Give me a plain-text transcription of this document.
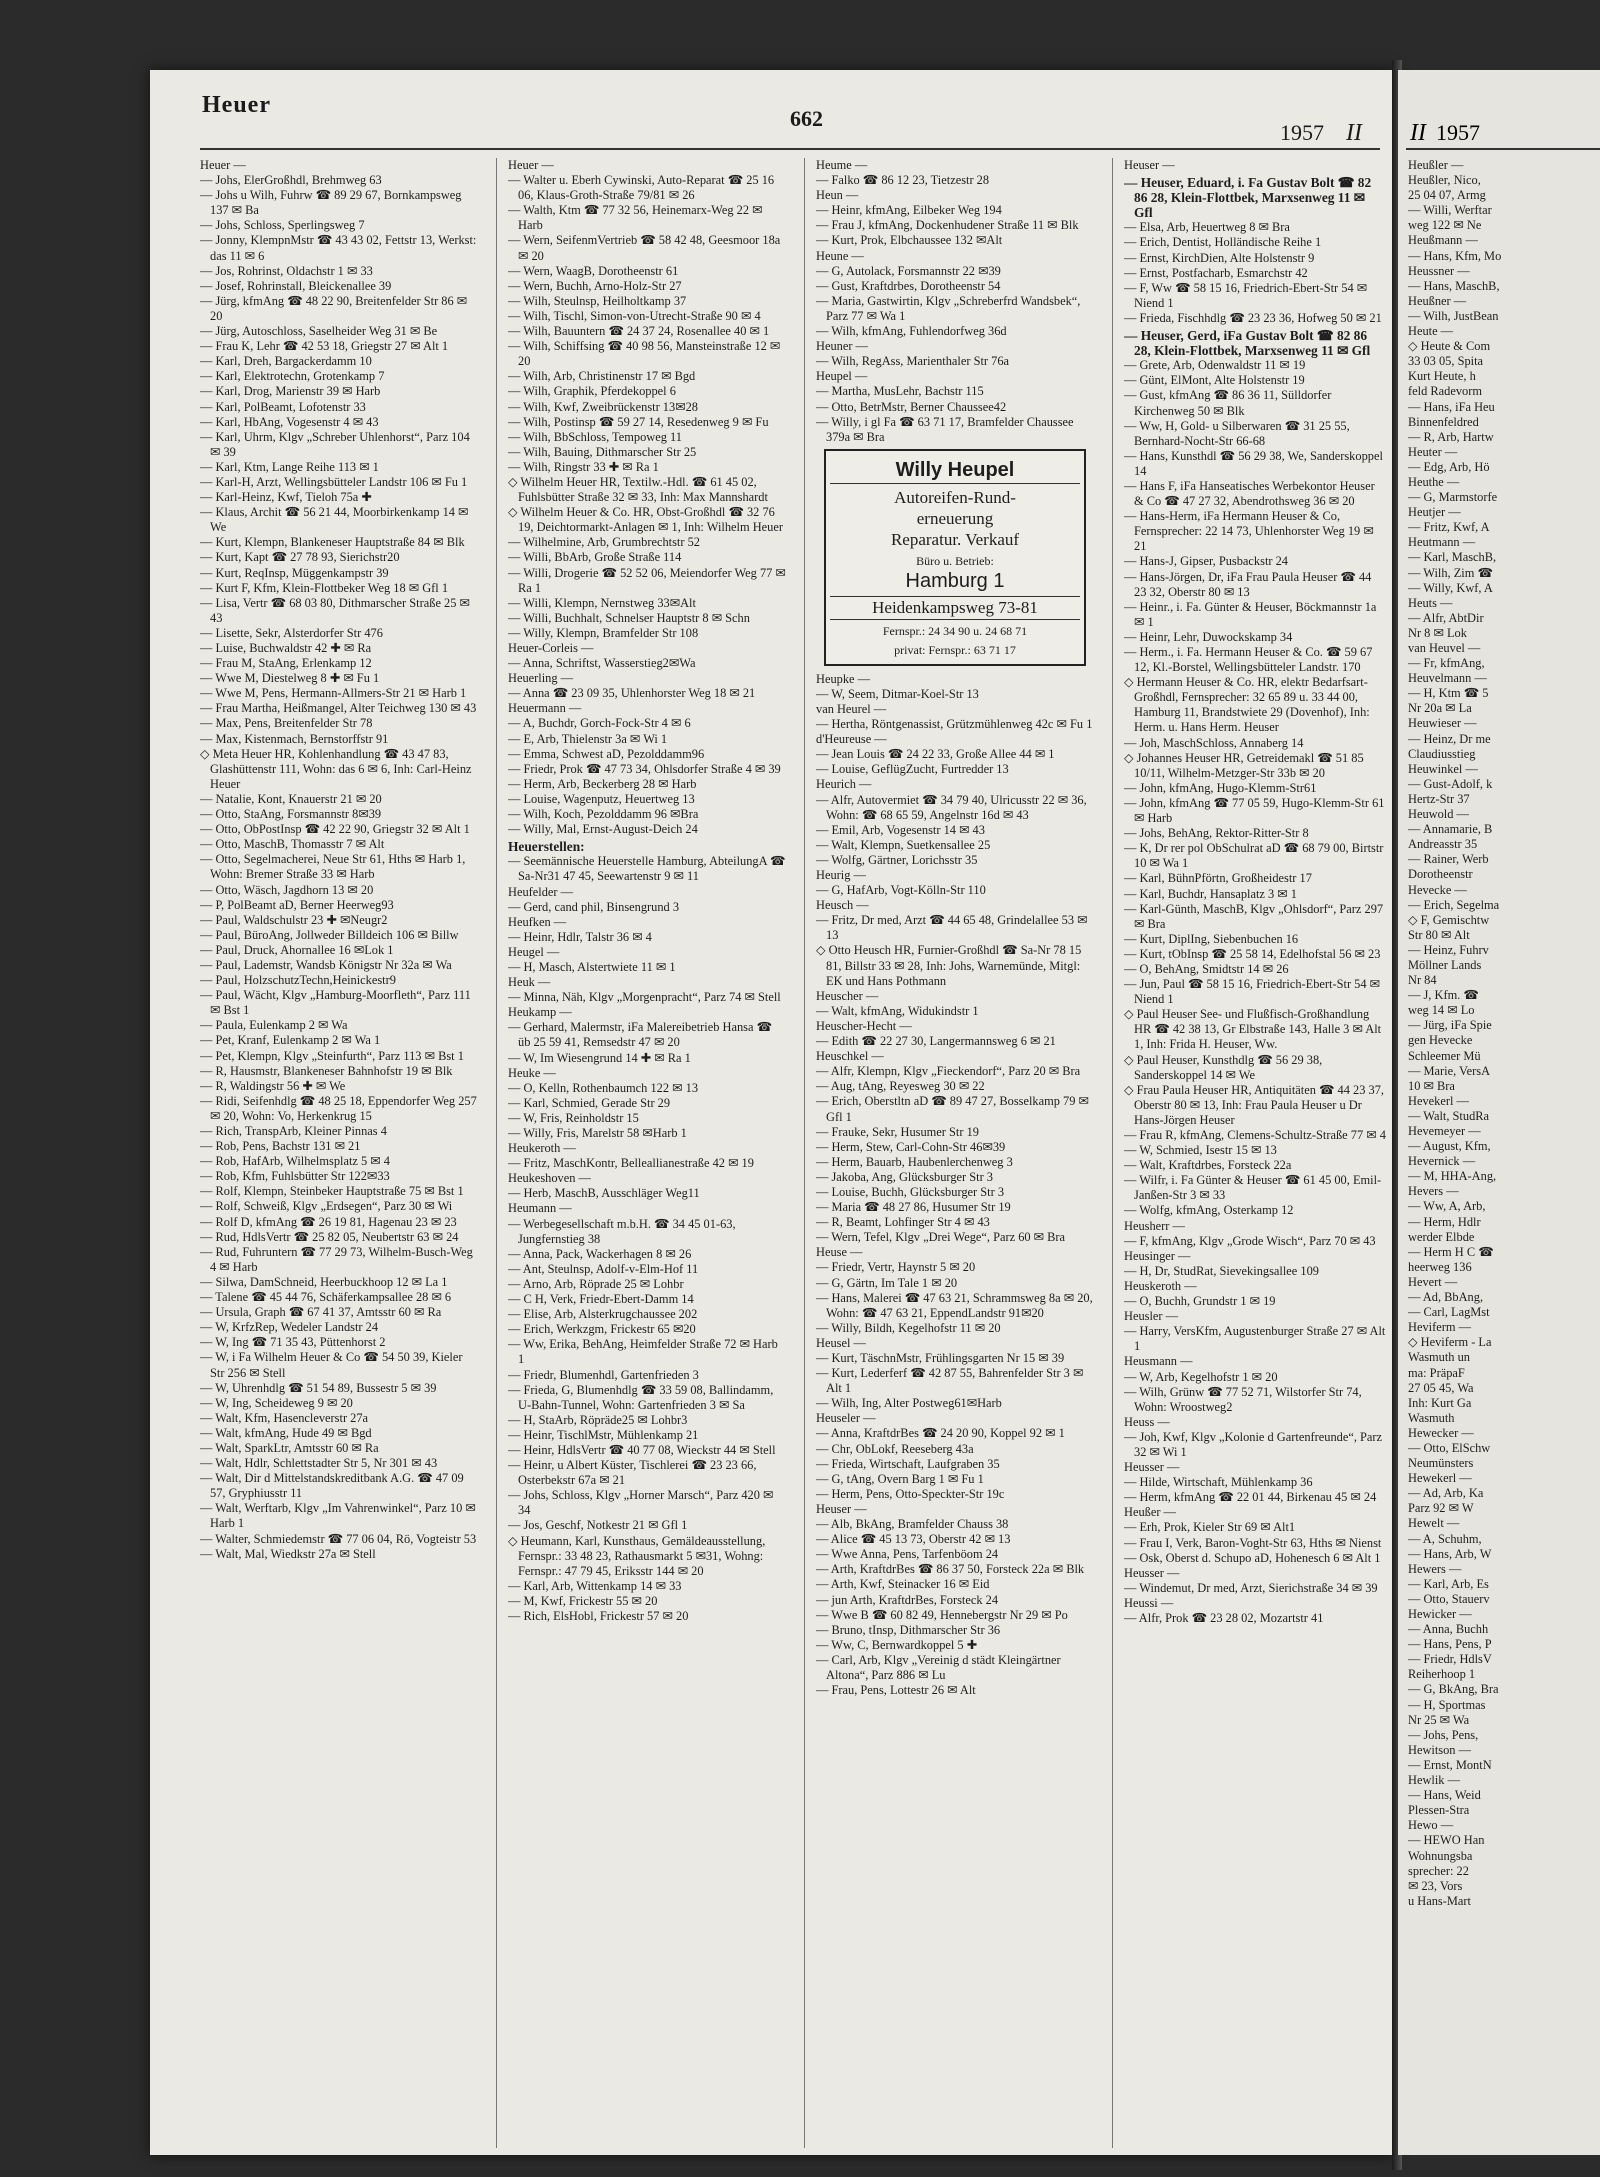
Heuer
662
1957 II
Heuer —
— Johs, ElerGroßhdl, Brehmweg 63
— Johs u Wilh, Fuhrw ☎ 89 29 67, Bornkampsweg 137 ✉ Ba
— Johs, Schloss, Sperlingsweg 7
— Jonny, KlempnMstr ☎ 43 43 02, Fettstr 13, Werkst: das 11 ✉ 6
— Jos, Rohrinst, Oldachstr 1 ✉ 33
— Josef, Rohrinstall, Bleickenallee 39
— Jürg, kfmAng ☎ 48 22 90, Breitenfelder Str 86 ✉ 20
— Jürg, Autoschloss, Saselheider Weg 31 ✉ Be
— Frau K, Lehr ☎ 42 53 18, Griegstr 27 ✉ Alt 1
— Karl, Dreh, Bargackerdamm 10
— Karl, Elektrotechn, Grotenkamp 7
— Karl, Drog, Marienstr 39 ✉ Harb
— Karl, PolBeamt, Lofotenstr 33
— Karl, HbAng, Vogesenstr 4 ✉ 43
— Karl, Uhrm, Klgv „Schreber Uhlenhorst“, Parz 104 ✉ 39
— Karl, Ktm, Lange Reihe 113 ✉ 1
— Karl-H, Arzt, Wellingsbütteler Landstr 106 ✉ Fu 1
— Karl-Heinz, Kwf, Tieloh 75a ✚
— Klaus, Archit ☎ 56 21 44, Moorbirkenkamp 14 ✉ We
— Kurt, Klempn, Blankeneser Hauptstraße 84 ✉ Blk
— Kurt, Kapt ☎ 27 78 93, Sierichstr20
— Kurt, ReqInsp, Müggenkampstr 39
— Kurt F, Kfm, Klein-Flottbeker Weg 18 ✉ Gfl 1
— Lisa, Vertr ☎ 68 03 80, Dithmarscher Straße 25 ✉ 43
— Lisette, Sekr, Alsterdorfer Str 476
— Luise, Buchwaldstr 42 ✚ ✉ Ra
— Frau M, StaAng, Erlenkamp 12
— Wwe M, Diestelweg 8 ✚ ✉ Fu 1
— Wwe M, Pens, Hermann-Allmers-Str 21 ✉ Harb 1
— Frau Martha, Heißmangel, Alter Teichweg 130 ✉ 43
— Max, Pens, Breitenfelder Str 78
— Max, Kistenmach, Bernstorffstr 91
◇ Meta Heuer HR, Kohlenhandlung ☎ 43 47 83, Glashüttenstr 111, Wohn: das 6 ✉ 6, Inh: Carl-Heinz Heuer
— Natalie, Kont, Knauerstr 21 ✉ 20
— Otto, StaAng, Forsmannstr 8✉39
— Otto, ObPostInsp ☎ 42 22 90, Griegstr 32 ✉ Alt 1
— Otto, MaschB, Thomasstr 7 ✉ Alt
— Otto, Segelmacherei, Neue Str 61, Hths ✉ Harb 1, Wohn: Bremer Straße 33 ✉ Harb
— Otto, Wäsch, Jagdhorn 13 ✉ 20
— P, PolBeamt aD, Berner Heerweg93
— Paul, Waldschulstr 23 ✚ ✉Neugr2
— Paul, BüroAng, Jollweder Billdeich 106 ✉ Billw
— Paul, Druck, Ahornallee 16 ✉Lok 1
— Paul, Lademstr, Wandsb Königstr Nr 32a ✉ Wa
— Paul, HolzschutzTechn,Heinickestr9
— Paul, Wächt, Klgv „Hamburg-Moorfleth“, Parz 111 ✉ Bst 1
— Paula, Eulenkamp 2 ✉ Wa
— Pet, Kranf, Eulenkamp 2 ✉ Wa 1
— Pet, Klempn, Klgv „Steinfurth“, Parz 113 ✉ Bst 1
— R, Hausmstr, Blankeneser Bahnhofstr 19 ✉ Blk
— R, Waldingstr 56 ✚ ✉ We
— Ridi, Seifenhdlg ☎ 48 25 18, Eppendorfer Weg 257 ✉ 20, Wohn: Vo, Herkenkrug 15
— Rich, TranspArb, Kleiner Pinnas 4
— Rob, Pens, Bachstr 131 ✉ 21
— Rob, HafArb, Wilhelmsplatz 5 ✉ 4
— Rob, Kfm, Fuhlsbütter Str 122✉33
— Rolf, Klempn, Steinbeker Hauptstraße 75 ✉ Bst 1
— Rolf, Schweiß, Klgv „Erdsegen“, Parz 30 ✉ Wi
— Rolf D, kfmAng ☎ 26 19 81, Hagenau 23 ✉ 23
— Rud, HdlsVertr ☎ 25 82 05, Neubertstr 63 ✉ 24
— Rud, Fuhruntern ☎ 77 29 73, Wilhelm-Busch-Weg 4 ✉ Harb
— Silwa, DamSchneid, Heerbuckhoop 12 ✉ La 1
— Talene ☎ 45 44 76, Schäferkampsallee 28 ✉ 6
— Ursula, Graph ☎ 67 41 37, Amtsstr 60 ✉ Ra
— W, KrfzRep, Wedeler Landstr 24
— W, Ing ☎ 71 35 43, Püttenhorst 2
— W, i Fa Wilhelm Heuer & Co ☎ 54 50 39, Kieler Str 256 ✉ Stell
— W, Uhrenhdlg ☎ 51 54 89, Bussestr 5 ✉ 39
— W, Ing, Scheideweg 9 ✉ 20
— Walt, Kfm, Hasencleverstr 27a
— Walt, kfmAng, Hude 49 ✉ Bgd
— Walt, SparkLtr, Amtsstr 60 ✉ Ra
— Walt, Hdlr, Schlettstadter Str 5, Nr 301 ✉ 43
— Walt, Dir d Mittelstandskreditbank A.G. ☎ 47 09 57, Gryphiusstr 11
— Walt, Werftarb, Klgv „Im Vahrenwinkel“, Parz 10 ✉ Harb 1
— Walter, Schmiedemstr ☎ 77 06 04, Rö, Vogteistr 53
— Walt, Mal, Wiedkstr 27a ✉ Stell
Heuer —
— Walter u. Eberh Cywinski, Auto-Reparat ☎ 25 16 06, Klaus-Groth-Straße 79/81 ✉ 26
— Walth, Ktm ☎ 77 32 56, Heinemarx-Weg 22 ✉ Harb
— Wern, SeifenmVertrieb ☎ 58 42 48, Geesmoor 18a ✉ 20
— Wern, WaagB, Dorotheenstr 61
— Wern, Buchh, Arno-Holz-Str 27
— Wilh, Steulnsp, Heilholtkamp 37
— Wilh, Tischl, Simon-von-Utrecht-Straße 90 ✉ 4
— Wilh, Bauuntern ☎ 24 37 24, Rosenallee 40 ✉ 1
— Wilh, Schiffsing ☎ 40 98 56, Mansteinstraße 12 ✉ 20
— Wilh, Arb, Christinenstr 17 ✉ Bgd
— Wilh, Graphik, Pferdekoppel 6
— Wilh, Kwf, Zweibrückenstr 13✉28
— Wilh, Postinsp ☎ 59 27 14, Resedenweg 9 ✉ Fu
— Wilh, BbSchloss, Tempoweg 11
— Wilh, Bauing, Dithmarscher Str 25
— Wilh, Ringstr 33 ✚ ✉ Ra 1
◇ Wilhelm Heuer HR, Textilw.-Hdl. ☎ 61 45 02, Fuhlsbütter Straße 32 ✉ 33, Inh: Max Mannshardt
◇ Wilhelm Heuer & Co. HR, Obst-Großhdl ☎ 32 76 19, Deichtormarkt-Anlagen ✉ 1, Inh: Wilhelm Heuer
— Wilhelmine, Arb, Grumbrechtstr 52
— Willi, BbArb, Große Straße 114
— Willi, Drogerie ☎ 52 52 06, Meiendorfer Weg 77 ✉ Ra 1
— Willi, Klempn, Nernstweg 33✉Alt
— Willi, Buchhalt, Schnelser Hauptstr 8 ✉ Schn
— Willy, Klempn, Bramfelder Str 108
Heuer-Corleis —
— Anna, Schriftst, Wasserstieg2✉Wa
Heuerling —
— Anna ☎ 23 09 35, Uhlenhorster Weg 18 ✉ 21
Heuermann —
— A, Buchdr, Gorch-Fock-Str 4 ✉ 6
— E, Arb, Thielenstr 3a ✉ Wi 1
— Emma, Schwest aD, Pezolddamm96
— Friedr, Prok ☎ 47 73 34, Ohlsdorfer Straße 4 ✉ 39
— Herm, Arb, Beckerberg 28 ✉ Harb
— Louise, Wagenputz, Heuertweg 13
— Wilh, Koch, Pezolddamm 96 ✉Bra
— Willy, Mal, Ernst-August-Deich 24
Heuerstellen:
— Seemännische Heuerstelle Hamburg, AbteilungA ☎ Sa-Nr31 47 45, Seewartenstr 9 ✉ 11
Heufelder —
— Gerd, cand phil, Binsengrund 3
Heufken —
— Heinr, Hdlr, Talstr 36 ✉ 4
Heugel —
— H, Masch, Alstertwiete 11 ✉ 1
Heuk —
— Minna, Näh, Klgv „Morgenpracht“, Parz 74 ✉ Stell
Heukamp —
— Gerhard, Malermstr, iFa Malereibetrieb Hansa ☎ üb 25 59 41, Remsedstr 47 ✉ 20
— W, Im Wiesengrund 14 ✚ ✉ Ra 1
Heuke —
— O, Kelln, Rothenbaumch 122 ✉ 13
— Karl, Schmied, Gerade Str 29
— W, Fris, Reinholdstr 15
— Willy, Fris, Marelstr 58 ✉Harb 1
Heukeroth —
— Fritz, MaschKontr, Belleallianestraße 42 ✉ 19
Heukeshoven —
— Herb, MaschB, Ausschläger Weg11
Heumann —
— Werbegesellschaft m.b.H. ☎ 34 45 01-63, Jungfernstieg 38
— Anna, Pack, Wackerhagen 8 ✉ 26
— Ant, Steulnsp, Adolf-v-Elm-Hof 11
— Arno, Arb, Röprade 25 ✉ Lohbr
— C H, Verk, Friedr-Ebert-Damm 14
— Elise, Arb, Alsterkrugchaussee 202
— Erich, Werkzgm, Frickestr 65 ✉20
— Ww, Erika, BehAng, Heimfelder Straße 72 ✉ Harb 1
— Friedr, Blumenhdl, Gartenfrieden 3
— Frieda, G, Blumenhdlg ☎ 33 59 08, Ballindamm, U-Bahn-Tunnel, Wohn: Gartenfrieden 3 ✉ Sa
— H, StaArb, Röpräde25 ✉ Lohbr3
— Heinr, TischlMstr, Mühlenkamp 21
— Heinr, HdlsVertr ☎ 40 77 08, Wieckstr 44 ✉ Stell
— Heinr, u Albert Küster, Tischlerei ☎ 23 23 66, Osterbekstr 67a ✉ 21
— Johs, Schloss, Klgv „Horner Marsch“, Parz 420 ✉ 34
— Jos, Geschf, Notkestr 21 ✉ Gfl 1
◇ Heumann, Karl, Kunsthaus, Gemäldeausstellung, Fernspr.: 33 48 23, Rathausmarkt 5 ✉31, Wohng: Fernspr.: 47 79 45, Eriksstr 144 ✉ 20
— Karl, Arb, Wittenkamp 14 ✉ 33
— M, Kwf, Frickestr 55 ✉ 20
— Rich, ElsHobl, Frickestr 57 ✉ 20
Heume —
— Falko ☎ 86 12 23, Tietzestr 28
Heun —
— Heinr, kfmAng, Eilbeker Weg 194
— Frau J, kfmAng, Dockenhudener Straße 11 ✉ Blk
— Kurt, Prok, Elbchaussee 132 ✉Alt
Heune —
— G, Autolack, Forsmannstr 22 ✉39
— Gust, Kraftdrbes, Dorotheenstr 54
— Maria, Gastwirtin, Klgv „Schreberfrd Wandsbek“, Parz 77 ✉ Wa 1
— Wilh, kfmAng, Fuhlendorfweg 36d
Heuner —
— Wilh, RegAss, Marienthaler Str 76a
Heupel —
— Martha, MusLehr, Bachstr 115
— Otto, BetrMstr, Berner Chaussee42
— Willy, i gl Fa ☎ 63 71 17, Bramfelder Chaussee 379a ✉ Bra
Willy Heupel
Autoreifen-Rund-
erneuerung
Reparatur. Verkauf
Büro u. Betrieb:
Hamburg 1
Heidenkampsweg 73-81
Fernspr.: 24 34 90 u. 24 68 71
privat: Fernspr.: 63 71 17
Heupke —
— W, Seem, Ditmar-Koel-Str 13
van Heurel —
— Hertha, Röntgenassist, Grützmühlenweg 42c ✉ Fu 1
d'Heureuse —
— Jean Louis ☎ 24 22 33, Große Allee 44 ✉ 1
— Louise, GeflügZucht, Furtredder 13
Heurich —
— Alfr, Autovermiet ☎ 34 79 40, Ulricusstr 22 ✉ 36, Wohn: ☎ 68 65 59, Angelnstr 16d ✉ 43
— Emil, Arb, Vogesenstr 14 ✉ 43
— Walt, Klempn, Suetkensallee 25
— Wolfg, Gärtner, Lorichsstr 35
Heurig —
— G, HafArb, Vogt-Kölln-Str 110
Heusch —
— Fritz, Dr med, Arzt ☎ 44 65 48, Grindelallee 53 ✉ 13
◇ Otto Heusch HR, Furnier-Großhdl ☎ Sa-Nr 78 15 81, Billstr 33 ✉ 28, Inh: Johs, Warnemünde, Mitgl: EK und Hans Pothmann
Heuscher —
— Walt, kfmAng, Widukindstr 1
Heuscher-Hecht —
— Edith ☎ 22 27 30, Langermannsweg 6 ✉ 21
Heuschkel —
— Alfr, Klempn, Klgv „Fieckendorf“, Parz 20 ✉ Bra
— Aug, tAng, Reyesweg 30 ✉ 22
— Erich, Oberstltn aD ☎ 89 47 27, Bosselkamp 79 ✉ Gfl 1
— Frauke, Sekr, Husumer Str 19
— Herm, Stew, Carl-Cohn-Str 46✉39
— Herm, Bauarb, Haubenlerchenweg 3
— Jakoba, Ang, Glücksburger Str 3
— Louise, Buchh, Glücksburger Str 3
— Maria ☎ 48 27 86, Husumer Str 19
— R, Beamt, Lohfinger Str 4 ✉ 43
— Wern, Tefel, Klgv „Drei Wege“, Parz 60 ✉ Bra
Heuse —
— Friedr, Vertr, Haynstr 5 ✉ 20
— G, Gärtn, Im Tale 1 ✉ 20
— Hans, Malerei ☎ 47 63 21, Schrammsweg 8a ✉ 20, Wohn: ☎ 47 63 21, EppendLandstr 91✉20
— Willy, Bildh, Kegelhofstr 11 ✉ 20
Heusel —
— Kurt, TäschnMstr, Frühlingsgarten Nr 15 ✉ 39
— Kurt, Lederferf ☎ 42 87 55, Bahrenfelder Str 3 ✉ Alt 1
— Wilh, Ing, Alter Postweg61✉Harb
Heuseler —
— Anna, KraftdrBes ☎ 24 20 90, Koppel 92 ✉ 1
— Chr, ObLokf, Reeseberg 43a
— Frieda, Wirtschaft, Laufgraben 35
— G, tAng, Overn Barg 1 ✉ Fu 1
— Herm, Pens, Otto-Speckter-Str 19c
Heuser —
— Alb, BkAng, Bramfelder Chauss 38
— Alice ☎ 45 13 73, Oberstr 42 ✉ 13
— Wwe Anna, Pens, Tarfenböom 24
— Arth, KraftdrBes ☎ 86 37 50, Forsteck 22a ✉ Blk
— Arth, Kwf, Steinacker 16 ✉ Eid
— jun Arth, KraftdrBes, Forsteck 24
— Wwe B ☎ 60 82 49, Hennebergstr Nr 29 ✉ Po
— Bruno, tInsp, Dithmarscher Str 36
— Ww, C, Bernwardkoppel 5 ✚
— Carl, Arb, Klgv „Vereinig d städt Kleingärtner Altona“, Parz 886 ✉ Lu
— Frau, Pens, Lottestr 26 ✉ Alt
Heuser —
— Heuser, Eduard, i. Fa Gustav Bolt ☎ 82 86 28, Klein-Flottbek, Marxsenweg 11 ✉ Gfl
— Elsa, Arb, Heuertweg 8 ✉ Bra
— Erich, Dentist, Holländische Reihe 1
— Ernst, KirchDien, Alte Holstenstr 9
— Ernst, Postfacharb, Esmarchstr 42
— F, Ww ☎ 58 15 16, Friedrich-Ebert-Str 54 ✉ Niend 1
— Frieda, Fischhdlg ☎ 23 23 36, Hofweg 50 ✉ 21
— Heuser, Gerd, iFa Gustav Bolt ☎ 82 86 28, Klein-Flottbek, Marxsenweg 11 ✉ Gfl
— Grete, Arb, Odenwaldstr 11 ✉ 19
— Günt, ElMont, Alte Holstenstr 19
— Gust, kfmAng ☎ 86 36 11, Sülldorfer Kirchenweg 50 ✉ Blk
— Ww, H, Gold- u Silberwaren ☎ 31 25 55, Bernhard-Nocht-Str 66-68
— Hans, Kunsthdl ☎ 56 29 38, We, Sanderskoppel 14
— Hans F, iFa Hanseatisches Werbekontor Heuser & Co ☎ 47 27 32, Abendrothsweg 36 ✉ 20
— Hans-Herm, iFa Hermann Heuser & Co, Fernsprecher: 22 14 73, Uhlenhorster Weg 19 ✉ 21
— Hans-J, Gipser, Pusbackstr 24
— Hans-Jörgen, Dr, iFa Frau Paula Heuser ☎ 44 23 32, Oberstr 80 ✉ 13
— Heinr., i. Fa. Günter & Heuser, Böckmannstr 1a ✉ 1
— Heinr, Lehr, Duwockskamp 34
— Herm., i. Fa. Hermann Heuser & Co. ☎ 59 67 12, Kl.-Borstel, Wellingsbütteler Landstr. 170
◇ Hermann Heuser & Co. HR, elektr Bedarfsart-Großhdl, Fernsprecher: 32 65 89 u. 33 44 00, Hamburg 11, Brandstwiete 29 (Dovenhof), Inh: Herm. u. Hans Herm. Heuser
— Joh, MaschSchloss, Annaberg 14
◇ Johannes Heuser HR, Getreidemakl ☎ 51 85 10/11, Wilhelm-Metzger-Str 33b ✉ 20
— John, kfmAng, Hugo-Klemm-Str61
— John, kfmAng ☎ 77 05 59, Hugo-Klemm-Str 61 ✉ Harb
— Johs, BehAng, Rektor-Ritter-Str 8
— K, Dr rer pol ObSchulrat aD ☎ 68 79 00, Birtstr 10 ✉ Wa 1
— Karl, BühnPförtn, Großheidestr 17
— Karl, Buchdr, Hansaplatz 3 ✉ 1
— Karl-Günth, MaschB, Klgv „Ohlsdorf“, Parz 297 ✉ Bra
— Kurt, DiplIng, Siebenbuchen 16
— Kurt, tObInsp ☎ 25 58 14, Edelhofstal 56 ✉ 23
— O, BehAng, Smidtstr 14 ✉ 26
— Jun, Paul ☎ 58 15 16, Friedrich-Ebert-Str 54 ✉ Niend 1
◇ Paul Heuser See- und Flußfisch-Großhandlung HR ☎ 42 38 13, Gr Elbstraße 143, Halle 3 ✉ Alt 1, Inh: Frida H. Heuser, Ww.
◇ Paul Heuser, Kunsthdlg ☎ 56 29 38, Sanderskoppel 14 ✉ We
◇ Frau Paula Heuser HR, Antiquitäten ☎ 44 23 37, Oberstr 80 ✉ 13, Inh: Frau Paula Heuser u Dr Hans-Jörgen Heuser
— Frau R, kfmAng, Clemens-Schultz-Straße 77 ✉ 4
— W, Schmied, Isestr 15 ✉ 13
— Walt, Kraftdrbes, Forsteck 22a
— Wilfr, i. Fa Günter & Heuser ☎ 61 45 00, Emil-Janßen-Str 3 ✉ 33
— Wolfg, kfmAng, Osterkamp 12
Heusherr —
— F, kfmAng, Klgv „Grode Wisch“, Parz 70 ✉ 43
Heusinger —
— H, Dr, StudRat, Sievekingsallee 109
Heuskeroth —
— O, Buchh, Grundstr 1 ✉ 19
Heusler —
— Harry, VersKfm, Augustenburger Straße 27 ✉ Alt 1
Heusmann —
— W, Arb, Kegelhofstr 1 ✉ 20
— Wilh, Grünw ☎ 77 52 71, Wilstorfer Str 74, Wohn: Wroostweg2
Heuss —
— Joh, Kwf, Klgv „Kolonie d Gartenfreunde“, Parz 32 ✉ Wi 1
Heusser —
— Hilde, Wirtschaft, Mühlenkamp 36
— Herm, kfmAng ☎ 22 01 44, Birkenau 45 ✉ 24
Heußer —
— Erh, Prok, Kieler Str 69 ✉ Alt1
— Frau I, Verk, Baron-Voght-Str 63, Hths ✉ Nienst
— Osk, Oberst d. Schupo aD, Hohenesch 6 ✉ Alt 1
Heusser —
— Windemut, Dr med, Arzt, Sierichstraße 34 ✉ 39
Heussi —
— Alfr, Prok ☎ 23 28 02, Mozartstr 41
II 1957
Heußler —
Heußler, Nico,
25 04 07, Armg
— Willi, Werftar
weg 122 ✉ Ne
Heußmann —
— Hans, Kfm, Mo
Heussner —
— Hans, MaschB,
Heußner —
— Wilh, JustBean
Heute —
◇ Heute & Com
33 03 05, Spita
Kurt Heute, h
feld Radevorm
— Hans, iFa Heu
Binnenfeldred
— R, Arb, Hartw
Heuter —
— Edg, Arb, Hö
Heuthe —
— G, Marmstorfe
Heutjer —
— Fritz, Kwf, A
Heutmann —
— Karl, MaschB,
— Wilh, Zim ☎
— Willy, Kwf, A
Heuts —
— Alfr, AbtDir
Nr 8 ✉ Lok
van Heuvel —
— Fr, kfmAng,
Heuvelmann —
— H, Ktm ☎ 5
Nr 20a ✉ La
Heuwieser —
— Heinz, Dr me
Claudiusstieg
Heuwinkel —
— Gust-Adolf, k
Hertz-Str 37
Heuwold —
— Annamarie, B
Andreasstr 35
— Rainer, Werb
Dorotheenstr
Hevecke —
— Erich, Segelma
◇ F, Gemischtw
Str 80 ✉ Alt
— Heinz, Fuhrv
Möllner Lands
Nr 84
— J, Kfm. ☎
weg 14 ✉ Lo
— Jürg, iFa Spie
gen Hevecke
Schleemer Mü
— Marie, VersA
10 ✉ Bra
Hevekerl —
— Walt, StudRa
Hevemeyer —
— August, Kfm,
Hevernick —
— M, HHA-Ang,
Hevers —
— Ww, A, Arb,
— Herm, Hdlr
werder Elbde
— Herm H C ☎
heerweg 136
Hevert —
— Ad, BbAng,
— Carl, LagMst
Heviferm —
◇ Heviferm - La
Wasmuth un
ma: PräpaF
27 05 45, Wa
Inh: Kurt Ga
Wasmuth
Hewecker —
— Otto, ElSchw
Neumünsters
Hewekerl —
— Ad, Arb, Ka
Parz 92 ✉ W
Hewelt —
— A, Schuhm,
— Hans, Arb, W
Hewers —
— Karl, Arb, Es
— Otto, Stauerv
Hewicker —
— Anna, Buchh
— Hans, Pens, P
— Friedr, HdlsV
Reiherhoop 1
— G, BkAng, Bra
— H, Sportmas
Nr 25 ✉ Wa
— Johs, Pens,
Hewitson —
— Ernst, MontN
Hewlik —
— Hans, Weid
Plessen-Stra
Hewo —
— HEWO Han
Wohnungsba
sprecher: 22
✉ 23, Vors
u Hans-Mart
